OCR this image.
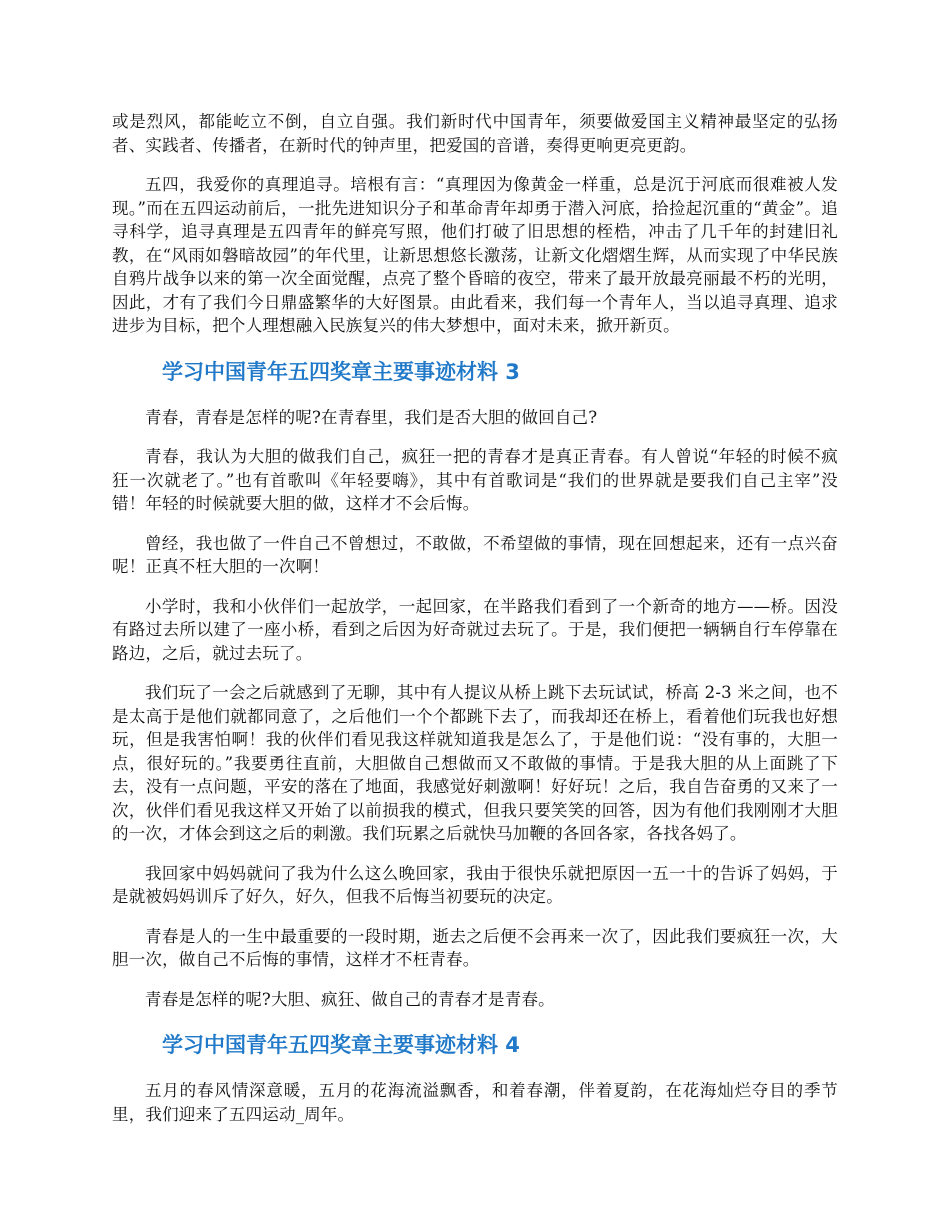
或是烈风，都能屹立不倒，自立自强。我们新时代中国青年，须要做爱国主义精神最坚定的弘扬者、实践者、传播者，在新时代的钟声里，把爱国的音谱，奏得更响更亮更韵。

五四，我爱你的真理追寻。培根有言：“真理因为像黄金一样重，总是沉于河底而很难被人发现。”而在五四运动前后，一批先进知识分子和革命青年却勇于潜入河底，拾捡起沉重的“黄金”。追寻科学，追寻真理是五四青年的鲜亮写照，他们打破了旧思想的桎梏，冲击了几千年的封建旧礼教，在“风雨如磐暗故园”的年代里，让新思想悠长激荡，让新文化熠熠生辉，从而实现了中华民族自鸦片战争以来的第一次全面觉醒，点亮了整个昏暗的夜空，带来了最开放最亮丽最不朽的光明，因此，才有了我们今日鼎盛繁华的大好图景。由此看来，我们每一个青年人，当以追寻真理、追求进步为目标，把个人理想融入民族复兴的伟大梦想中，面对未来，掀开新页。

学习中国青年五四奖章主要事迹材料 3

青春，青春是怎样的呢?在青春里，我们是否大胆的做回自己?

青春，我认为大胆的做我们自己，疯狂一把的青春才是真正青春。有人曾说“年轻的时候不疯狂一次就老了。”也有首歌叫《年轻要嗨》，其中有首歌词是“我们的世界就是要我们自己主宰”没错！年轻的时候就要大胆的做，这样才不会后悔。

曾经，我也做了一件自己不曾想过，不敢做，不希望做的事情，现在回想起来，还有一点兴奋呢！正真不枉大胆的一次啊！

小学时，我和小伙伴们一起放学，一起回家，在半路我们看到了一个新奇的地方——桥。因没有路过去所以建了一座小桥，看到之后因为好奇就过去玩了。于是，我们便把一辆辆自行车停靠在路边，之后，就过去玩了。

我们玩了一会之后就感到了无聊，其中有人提议从桥上跳下去玩试试，桥高 2-3 米之间，也不是太高于是他们就都同意了，之后他们一个个都跳下去了，而我却还在桥上，看着他们玩我也好想玩，但是我害怕啊！我的伙伴们看见我这样就知道我是怎么了，于是他们说：“没有事的，大胆一点，很好玩的。”我要勇往直前，大胆做自己想做而又不敢做的事情。于是我大胆的从上面跳了下去，没有一点问题，平安的落在了地面，我感觉好刺激啊！好好玩！之后，我自告奋勇的又来了一次，伙伴们看见我这样又开始了以前损我的模式，但我只要笑笑的回答，因为有他们我刚刚才大胆的一次，才体会到这之后的刺激。我们玩累之后就快马加鞭的各回各家，各找各妈了。

我回家中妈妈就问了我为什么这么晚回家，我由于很快乐就把原因一五一十的告诉了妈妈，于是就被妈妈训斥了好久，好久，但我不后悔当初要玩的决定。

青春是人的一生中最重要的一段时期，逝去之后便不会再来一次了，因此我们要疯狂一次，大胆一次，做自己不后悔的事情，这样才不枉青春。

青春是怎样的呢?大胆、疯狂、做自己的青春才是青春。

学习中国青年五四奖章主要事迹材料 4

五月的春风情深意暖，五月的花海流溢飘香，和着春潮，伴着夏韵，在花海灿烂夺目的季节里，我们迎来了五四运动_周年。
